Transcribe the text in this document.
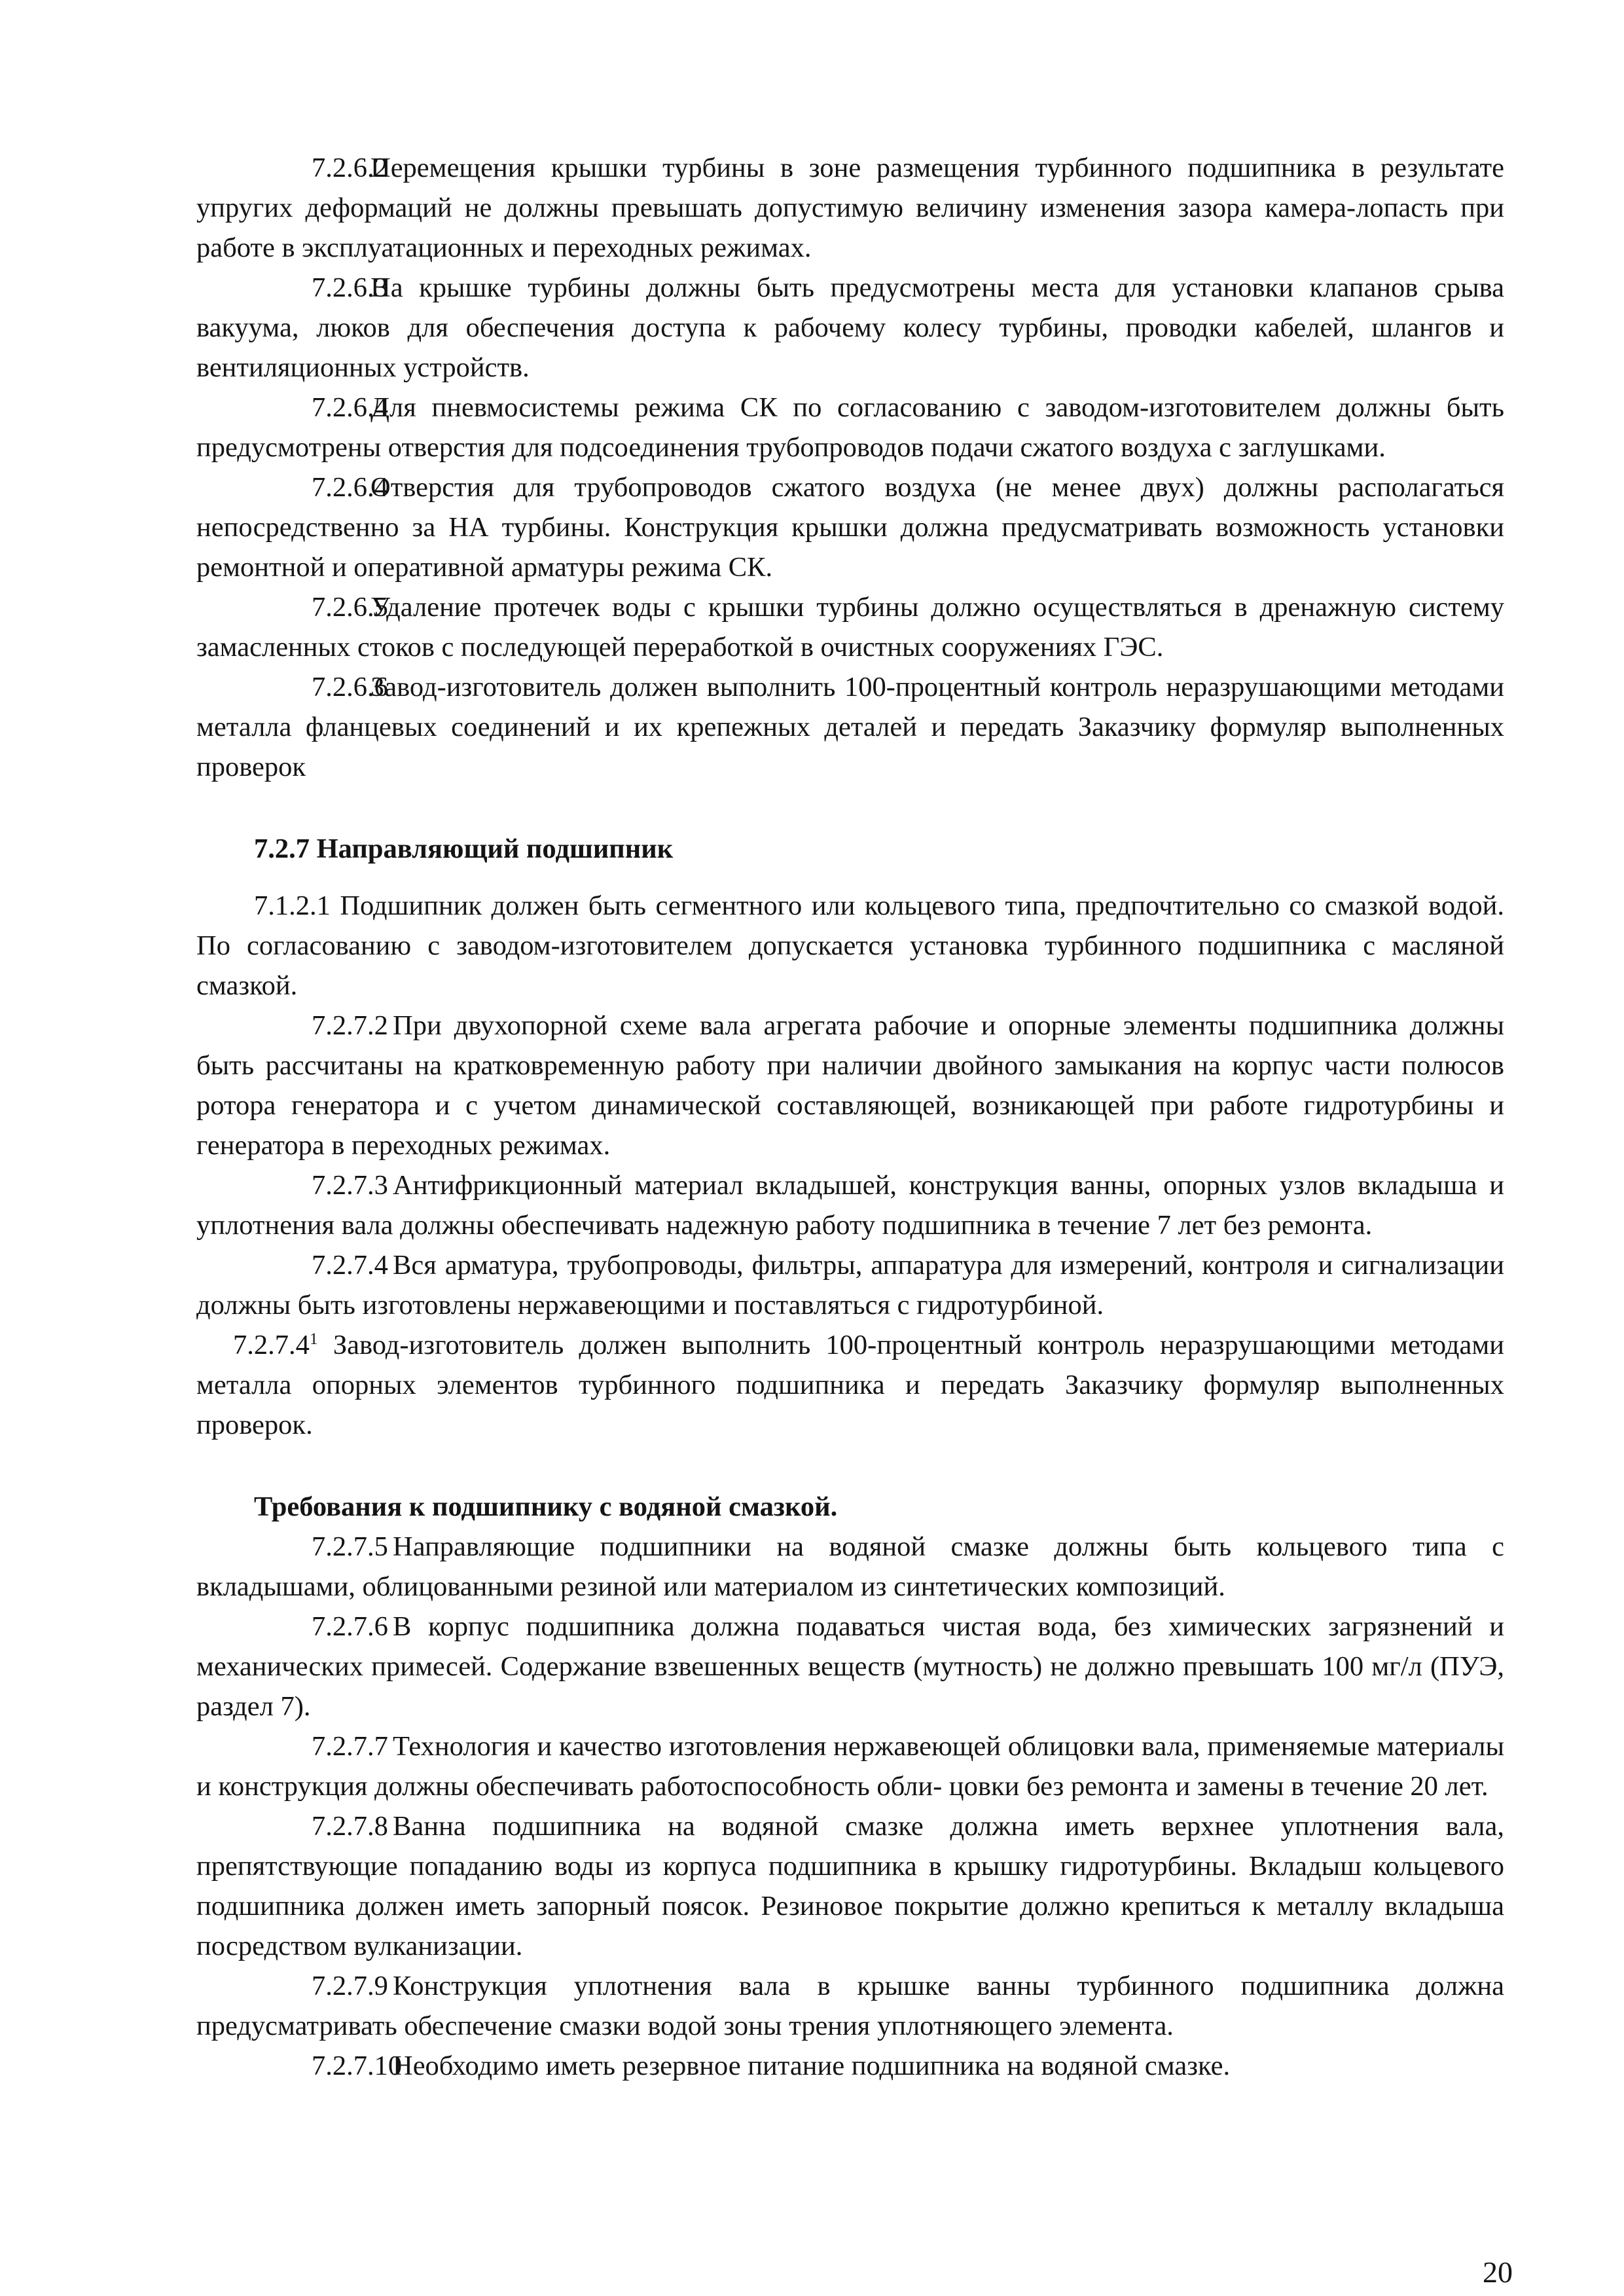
7.2.6.2Перемещения крышки турбины в зоне размещения турбинного подшипника в результате упругих деформаций не должны превышать допустимую величину изменения зазора камера-лопасть при работе в эксплуатационных и переходных режимах.

7.2.6.3На крышке турбины должны быть предусмотрены места для установки клапанов срыва вакуума, люков для обеспечения доступа к рабочему колесу турбины, проводки кабелей, шлангов и вентиляционных устройств.

7.2.6.4Для пневмосистемы режима СК по согласованию с заводом-изготовителем должны быть предусмотрены отверстия для подсоединения трубопроводов подачи сжатого воздуха с заглушками.

7.2.6.4Отверстия для трубопроводов сжатого воздуха (не менее двух) должны располагаться непосредственно за НА турбины. Конструкция крышки должна предусматривать возможность установки ремонтной и оперативной арматуры режима СК.

7.2.6.5Удаление протечек воды с крышки турбины должно осуществляться в дренажную систему замасленных стоков с последующей переработкой в очистных сооружениях ГЭС.

7.2.6.6Завод-изготовитель должен выполнить 100-процентный контроль неразрушающими методами металла фланцевых соединений и их крепежных деталей и передать Заказчику формуляр выполненных проверок

7.2.7 Направляющий подшипник

7.1.2.1 Подшипник должен быть сегментного или кольцевого типа, предпочтительно со смазкой водой. По согласованию с заводом-изготовителем допускается установка турбинного подшипника с масляной смазкой.

7.2.7.2 При двухопорной схеме вала агрегата рабочие и опорные элементы подшипника должны быть рассчитаны на кратковременную работу при наличии двойного замыкания на корпус части полюсов ротора генератора и с учетом динамической составляющей, возникающей при работе гидротурбины и генератора в переходных режимах.

7.2.7.3 Антифрикционный материал вкладышей, конструкция ванны, опорных узлов вкладыша и уплотнения вала должны обеспечивать надежную работу подшипника в течение 7 лет без ремонта.

7.2.7.4 Вся арматура, трубопроводы, фильтры, аппаратура для измерений, контроля и сигнализации должны быть изготовлены нержавеющими и поставляться с гидротурбиной.

7.2.7.4$^1$ Завод-изготовитель должен выполнить 100-процентный контроль неразрушающими методами металла опорных элементов турбинного подшипника и передать Заказчику формуляр выполненных проверок.

Требования к подшипнику с водяной смазкой.

7.2.7.5 Направляющие подшипники на водяной смазке должны быть кольцевого типа с вкладышами, облицованными резиной или материалом из синтетических композиций.

7.2.7.6 В корпус подшипника должна подаваться чистая вода, без химических загрязнений и механических примесей. Содержание взвешенных веществ (мутность) не должно превышать 100 мг/л (ПУЭ, раздел 7).

7.2.7.7 Технология и качество изготовления нержавеющей облицовки вала, применяемые материалы и конструкция должны обеспечивать работоспособность обли- цовки без ремонта и замены в течение 20 лет.

7.2.7.8 Ванна подшипника на водяной смазке должна иметь верхнее уплотнения вала, препятствующие попаданию воды из корпуса подшипника в крышку гидротурбины. Вкладыш кольцевого подшипника должен иметь запорный поясок. Резиновое покрытие должно крепиться к металлу вкладыша посредством вулканизации.

7.2.7.9 Конструкция уплотнения вала в крышке ванны турбинного подшипника должна предусматривать обеспечение смазки водой зоны трения уплотняющего элемента.

7.2.7.10Необходимо иметь резервное питание подшипника на водяной смазке.

20
